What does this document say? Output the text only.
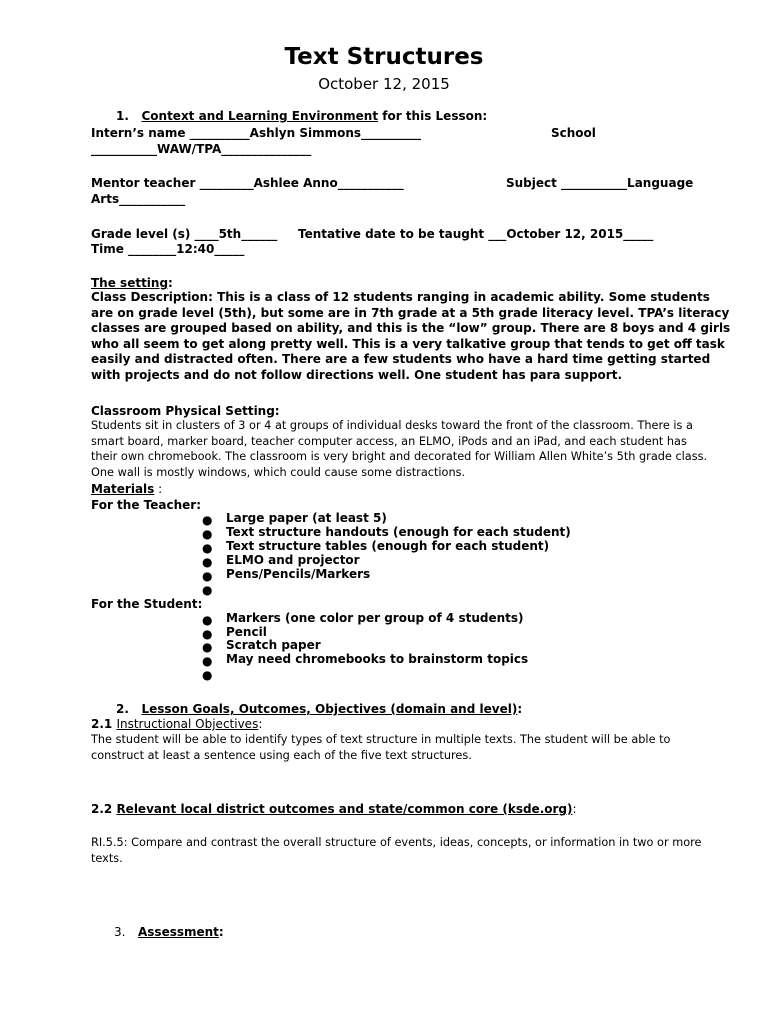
Text Structures
October 12, 2015
1. Context and Learning Environment for this Lesson:
Intern’s name __________Ashlyn Simmons__________	School
___________WAW/TPA_______________
Mentor teacher _________Ashlee Anno___________	Subject ___________Language
Arts___________
Grade level (s) ____5th______ Tentative date to be taught ___October 12, 2015_____
Time ________12:40_____
The setting:
Class Description: This is a class of 12 students ranging in academic ability. Some students are on grade level (5th), but some are in 7th grade at a 5th grade literacy level. TPA’s literacy classes are grouped based on ability, and this is the “low” group. There are 8 boys and 4 girls who all seem to get along pretty well. This is a very talkative group that tends to get off task easily and distracted often. There are a few students who have a hard time getting started with projects and do not follow directions well. One student has para support.
Classroom Physical Setting:
Students sit in clusters of 3 or 4 at groups of individual desks toward the front of the classroom. There is a smart board, marker board, teacher computer access, an ELMO, iPods and an iPad, and each student has their own chromebook. The classroom is very bright and decorated for William Allen White’s 5th grade class. One wall is mostly windows, which could cause some distractions.
Materials :
For the Teacher:
● Large paper (at least 5)
● Text structure handouts (enough for each student)
● Text structure tables (enough for each student)
● ELMO and projector
● Pens/Pencils/Markers
●
For the Student:
● Markers (one color per group of 4 students)
● Pencil
● Scratch paper
● May need chromebooks to brainstorm topics
●
2. Lesson Goals, Outcomes, Objectives (domain and level):
2.1 Instructional Objectives:
The student will be able to identify types of text structure in multiple texts. The student will be able to construct at least a sentence using each of the five text structures.
2.2 Relevant local district outcomes and state/common core (ksde.org):
RI.5.5: Compare and contrast the overall structure of events, ideas, concepts, or information in two or more texts.
3. Assessment:
